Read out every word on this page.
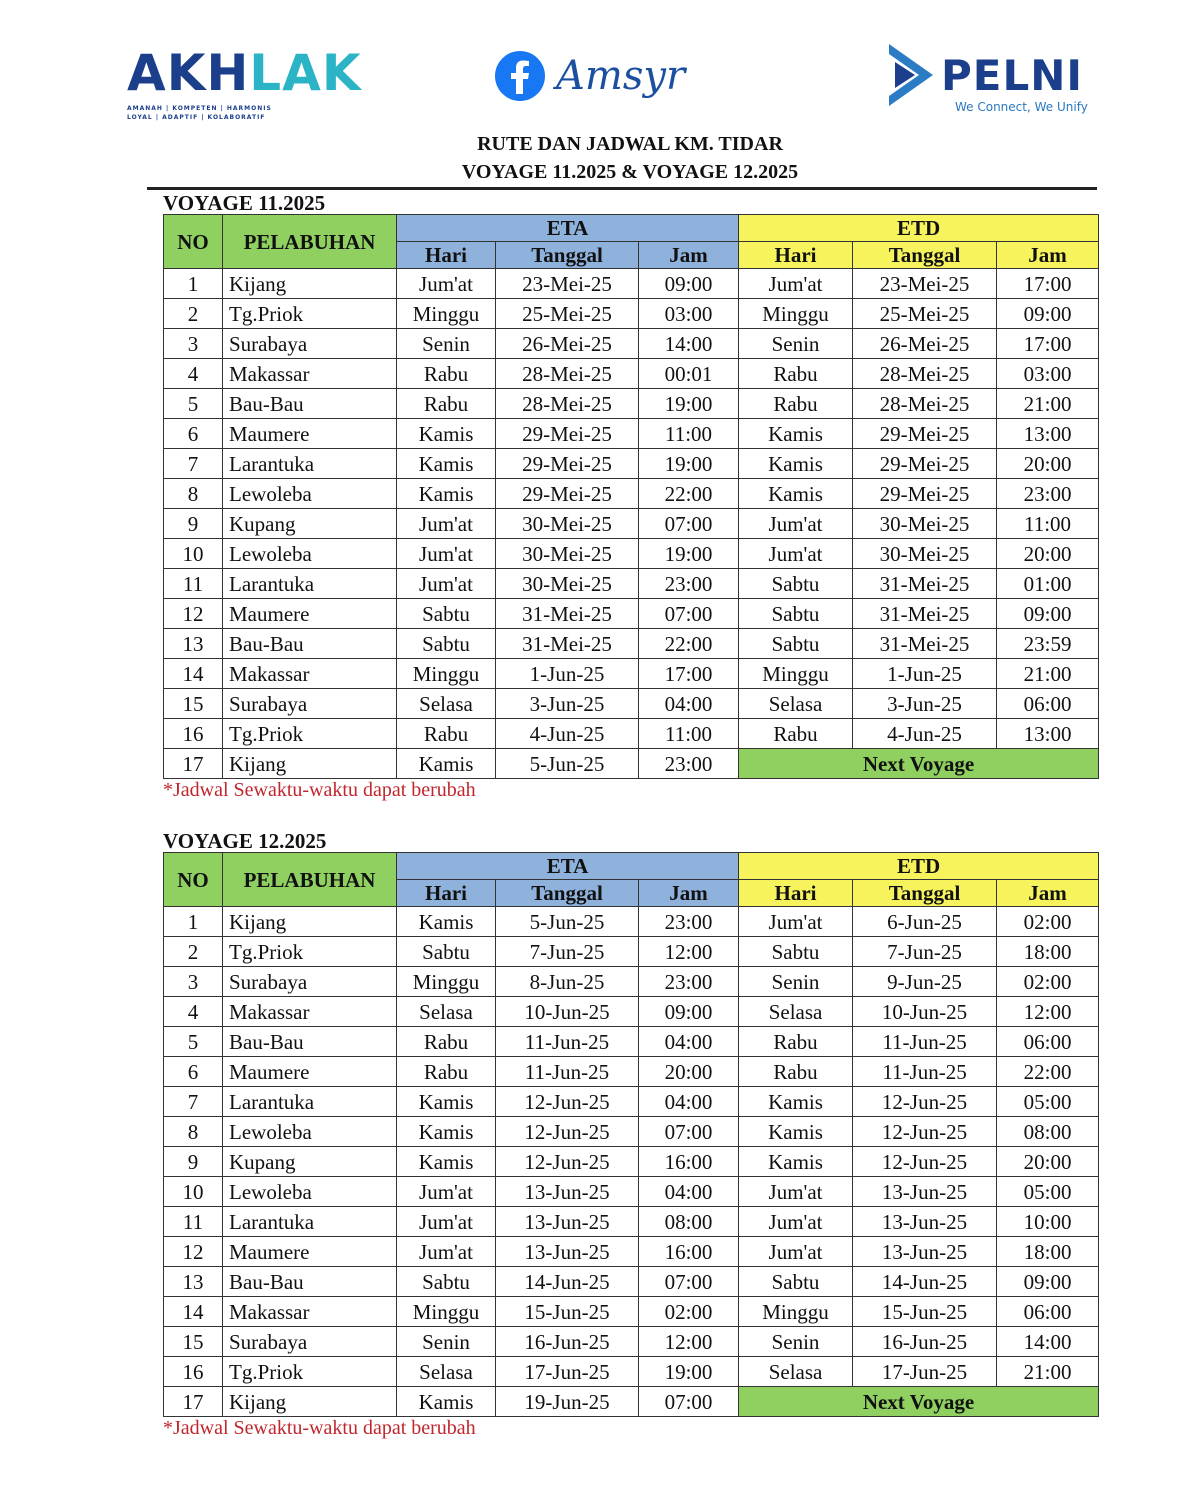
AKHLAK
AMANAH | KOMPETEN | HARMONIS
LOYAL | ADAPTIF | KOLABORATIF
Amsyr	PELNI
We Connect, We Unify
RUTE DAN JADWAL KM. TIDAR
VOYAGE 11.2025 & VOYAGE 12.2025
VOYAGE 11.2025
NO	PELABUHAN	ETA			ETD		
		Hari	Tanggal	Jam	Hari	Tanggal	Jam
1	Kijang	Jum'at	23-Mei-25	09:00	Jum'at	23-Mei-25	17:00
2	Tg.Priok	Minggu	25-Mei-25	03:00	Minggu	25-Mei-25	09:00
3	Surabaya	Senin	26-Mei-25	14:00	Senin	26-Mei-25	17:00
4	Makassar	Rabu	28-Mei-25	00:01	Rabu	28-Mei-25	03:00
5	Bau-Bau	Rabu	28-Mei-25	19:00	Rabu	28-Mei-25	21:00
6	Maumere	Kamis	29-Mei-25	11:00	Kamis	29-Mei-25	13:00
7	Larantuka	Kamis	29-Mei-25	19:00	Kamis	29-Mei-25	20:00
8	Lewoleba	Kamis	29-Mei-25	22:00	Kamis	29-Mei-25	23:00
9	Kupang	Jum'at	30-Mei-25	07:00	Jum'at	30-Mei-25	11:00
10	Lewoleba	Jum'at	30-Mei-25	19:00	Jum'at	30-Mei-25	20:00
11	Larantuka	Jum'at	30-Mei-25	23:00	Sabtu	31-Mei-25	01:00
12	Maumere	Sabtu	31-Mei-25	07:00	Sabtu	31-Mei-25	09:00
13	Bau-Bau	Sabtu	31-Mei-25	22:00	Sabtu	31-Mei-25	23:59
14	Makassar	Minggu	1-Jun-25	17:00	Minggu	1-Jun-25	21:00
15	Surabaya	Selasa	3-Jun-25	04:00	Selasa	3-Jun-25	06:00
16	Tg.Priok	Rabu	4-Jun-25	11:00	Rabu	4-Jun-25	13:00
17	Kijang	Kamis	5-Jun-25	23:00	Next Voyage		
*Jadwal Sewaktu-waktu dapat berubah
VOYAGE 12.2025
NO	PELABUHAN	ETA			ETD		
		Hari	Tanggal	Jam	Hari	Tanggal	Jam
1	Kijang	Kamis	5-Jun-25	23:00	Jum'at	6-Jun-25	02:00
2	Tg.Priok	Sabtu	7-Jun-25	12:00	Sabtu	7-Jun-25	18:00
3	Surabaya	Minggu	8-Jun-25	23:00	Senin	9-Jun-25	02:00
4	Makassar	Selasa	10-Jun-25	09:00	Selasa	10-Jun-25	12:00
5	Bau-Bau	Rabu	11-Jun-25	04:00	Rabu	11-Jun-25	06:00
6	Maumere	Rabu	11-Jun-25	20:00	Rabu	11-Jun-25	22:00
7	Larantuka	Kamis	12-Jun-25	04:00	Kamis	12-Jun-25	05:00
8	Lewoleba	Kamis	12-Jun-25	07:00	Kamis	12-Jun-25	08:00
9	Kupang	Kamis	12-Jun-25	16:00	Kamis	12-Jun-25	20:00
10	Lewoleba	Jum'at	13-Jun-25	04:00	Jum'at	13-Jun-25	05:00
11	Larantuka	Jum'at	13-Jun-25	08:00	Jum'at	13-Jun-25	10:00
12	Maumere	Jum'at	13-Jun-25	16:00	Jum'at	13-Jun-25	18:00
13	Bau-Bau	Sabtu	14-Jun-25	07:00	Sabtu	14-Jun-25	09:00
14	Makassar	Minggu	15-Jun-25	02:00	Minggu	15-Jun-25	06:00
15	Surabaya	Senin	16-Jun-25	12:00	Senin	16-Jun-25	14:00
16	Tg.Priok	Selasa	17-Jun-25	19:00	Selasa	17-Jun-25	21:00
17	Kijang	Kamis	19-Jun-25	07:00	Next Voyage		
*Jadwal Sewaktu-waktu dapat berubah
